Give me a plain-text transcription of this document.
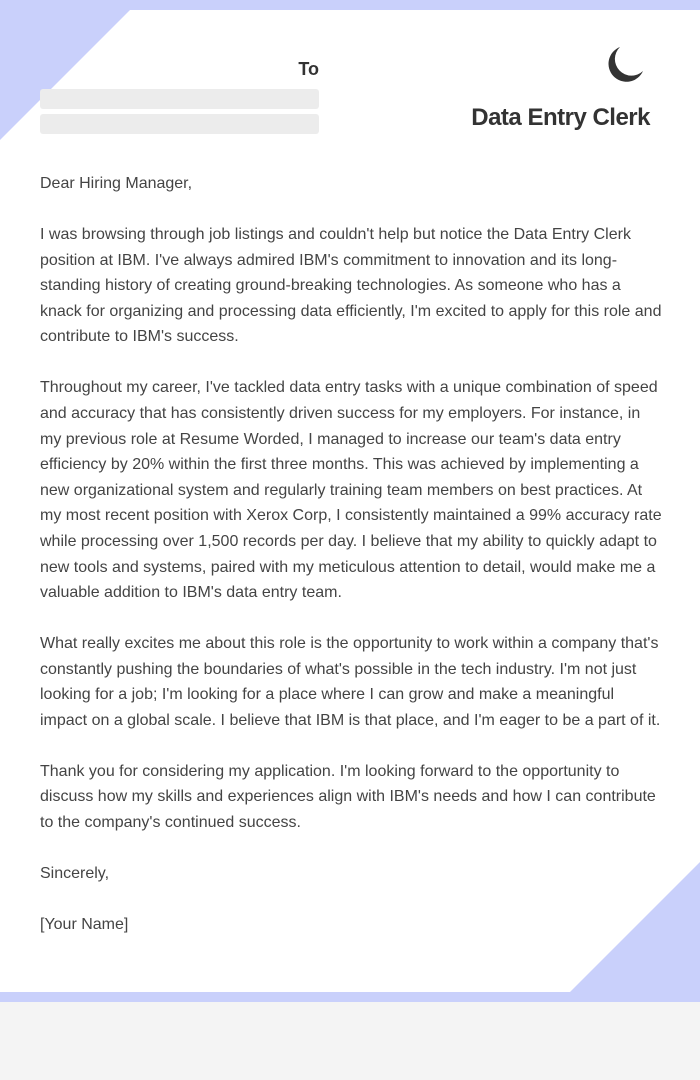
To
Data Entry Clerk

Dear Hiring Manager,

I was browsing through job listings and couldn't help but notice the Data Entry Clerk position at IBM. I've always admired IBM's commitment to innovation and its long-standing history of creating ground-breaking technologies. As someone who has a knack for organizing and processing data efficiently, I'm excited to apply for this role and contribute to IBM's success.

Throughout my career, I've tackled data entry tasks with a unique combination of speed and accuracy that has consistently driven success for my employers. For instance, in my previous role at Resume Worded, I managed to increase our team's data entry efficiency by 20% within the first three months. This was achieved by implementing a new organizational system and regularly training team members on best practices. At my most recent position with Xerox Corp, I consistently maintained a 99% accuracy rate while processing over 1,500 records per day. I believe that my ability to quickly adapt to new tools and systems, paired with my meticulous attention to detail, would make me a valuable addition to IBM's data entry team.

What really excites me about this role is the opportunity to work within a company that's constantly pushing the boundaries of what's possible in the tech industry. I'm not just looking for a job; I'm looking for a place where I can grow and make a meaningful impact on a global scale. I believe that IBM is that place, and I'm eager to be a part of it.

Thank you for considering my application. I'm looking forward to the opportunity to discuss how my skills and experiences align with IBM's needs and how I can contribute to the company's continued success.

Sincerely,

[Your Name]
